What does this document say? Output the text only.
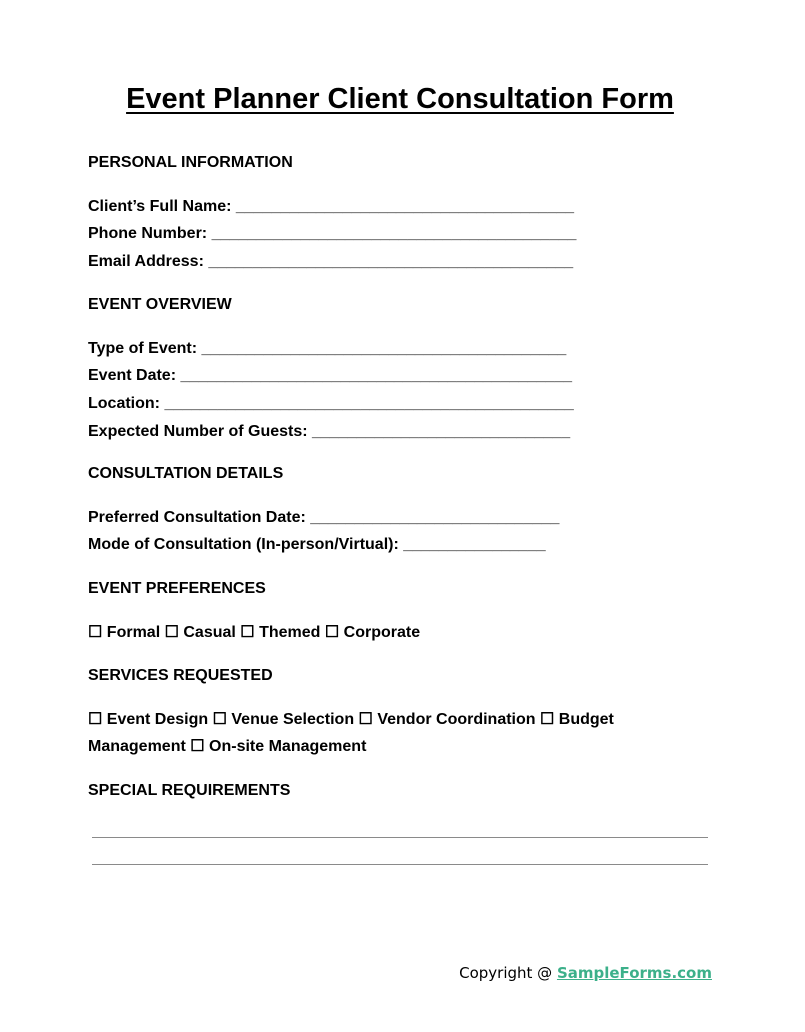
Event Planner Client Consultation Form
PERSONAL INFORMATION
Client’s Full Name: ______________________________________
Phone Number: _________________________________________
Email Address: _________________________________________
EVENT OVERVIEW
Type of Event: _________________________________________
Event Date: ____________________________________________
Location: ______________________________________________
Expected Number of Guests: _____________________________
CONSULTATION DETAILS
Preferred Consultation Date: ____________________________
Mode of Consultation (In-person/Virtual): ________________
EVENT PREFERENCES
☐ Formal ☐ Casual ☐ Themed ☐ Corporate
SERVICES REQUESTED
☐ Event Design ☐ Venue Selection ☐ Vendor Coordination ☐ Budget
Management ☐ On-site Management
SPECIAL REQUIREMENTS
Copyright @ SampleForms.com
